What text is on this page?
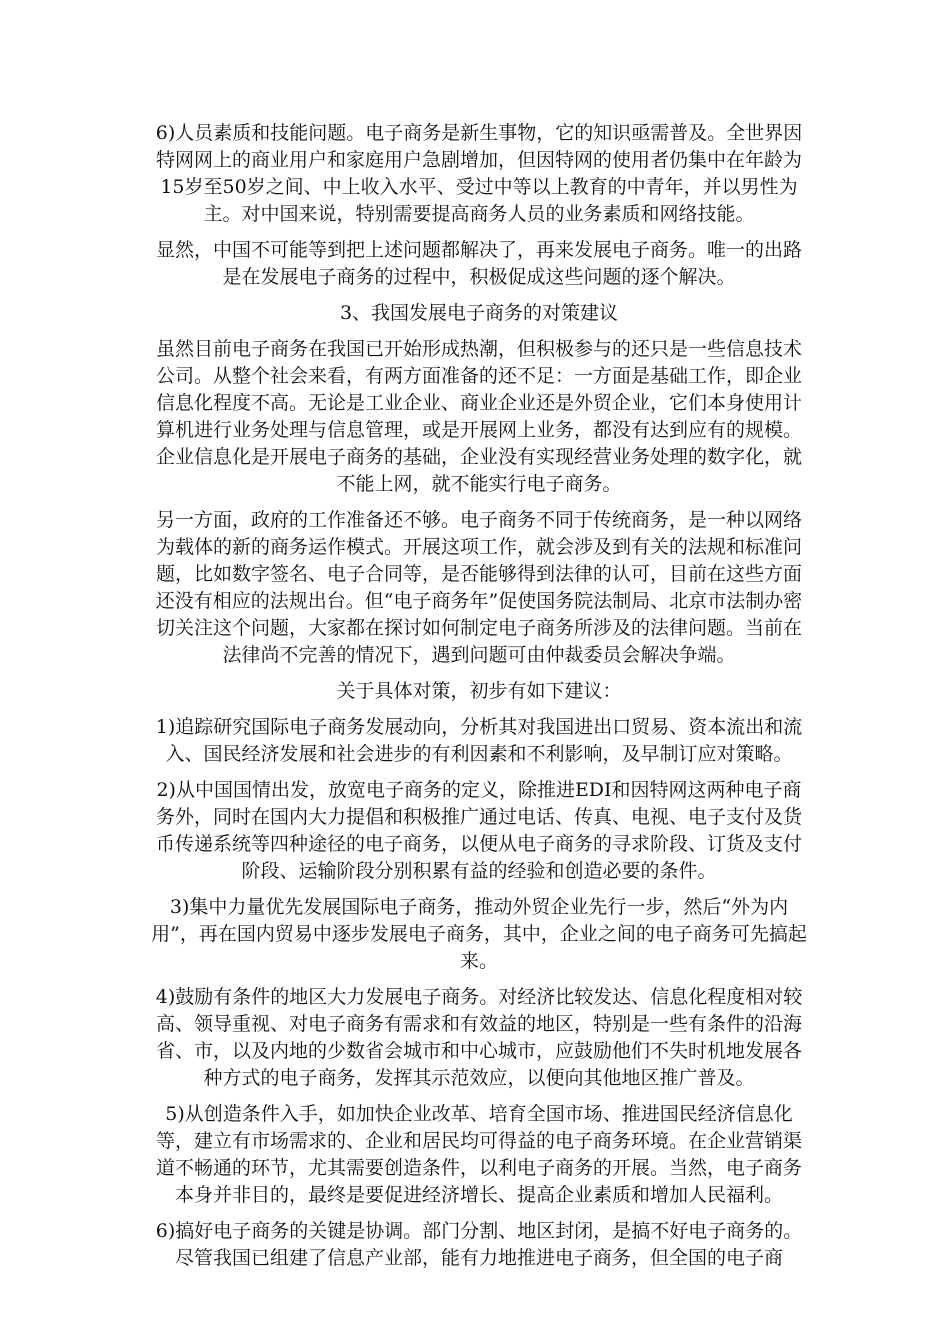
6)人员素质和技能问题。电子商务是新生事物，它的知识亟需普及。全世界因特网网上的商业用户和家庭用户急剧增加，但因特网的使用者仍集中在年龄为15岁至50岁之间、中上收入水平、受过中等以上教育的中青年，并以男性为主。对中国来说，特别需要提高商务人员的业务素质和网络技能。

显然，中国不可能等到把上述问题都解决了，再来发展电子商务。唯一的出路是在发展电子商务的过程中，积极促成这些问题的逐个解决。

3、我国发展电子商务的对策建议

虽然目前电子商务在我国已开始形成热潮，但积极参与的还只是一些信息技术公司。从整个社会来看，有两方面准备的还不足：一方面是基础工作，即企业信息化程度不高。无论是工业企业、商业企业还是外贸企业，它们本身使用计算机进行业务处理与信息管理，或是开展网上业务，都没有达到应有的规模。企业信息化是开展电子商务的基础，企业没有实现经营业务处理的数字化，就不能上网，就不能实行电子商务。

另一方面，政府的工作准备还不够。电子商务不同于传统商务，是一种以网络为载体的新的商务运作模式。开展这项工作，就会涉及到有关的法规和标准问题，比如数字签名、电子合同等，是否能够得到法律的认可，目前在这些方面还没有相应的法规出台。但“电子商务年”促使国务院法制局、北京市法制办密切关注这个问题，大家都在探讨如何制定电子商务所涉及的法律问题。当前在法律尚不完善的情况下，遇到问题可由仲裁委员会解决争端。

关于具体对策，初步有如下建议：

1)追踪研究国际电子商务发展动向，分析其对我国进出口贸易、资本流出和流入、国民经济发展和社会进步的有利因素和不利影响，及早制订应对策略。

2)从中国国情出发，放宽电子商务的定义，除推进EDI和因特网这两种电子商务外，同时在国内大力提倡和积极推广通过电话、传真、电视、电子支付及货币传递系统等四种途径的电子商务，以便从电子商务的寻求阶段、订货及支付阶段、运输阶段分别积累有益的经验和创造必要的条件。

3)集中力量优先发展国际电子商务，推动外贸企业先行一步，然后“外为内用”，再在国内贸易中逐步发展电子商务，其中，企业之间的电子商务可先搞起来。

4)鼓励有条件的地区大力发展电子商务。对经济比较发达、信息化程度相对较高、领导重视、对电子商务有需求和有效益的地区，特别是一些有条件的沿海省、市，以及内地的少数省会城市和中心城市，应鼓励他们不失时机地发展各种方式的电子商务，发挥其示范效应，以便向其他地区推广普及。

5)从创造条件入手，如加快企业改革、培育全国市场、推进国民经济信息化等，建立有市场需求的、企业和居民均可得益的电子商务环境。在企业营销渠道不畅通的环节，尤其需要创造条件，以利电子商务的开展。当然，电子商务本身并非目的，最终是要促进经济增长、提高企业素质和增加人民福利。

6)搞好电子商务的关键是协调。部门分割、地区封闭，是搞不好电子商务的。尽管我国已组建了信息产业部，能有力地推进电子商务，但全国的电子商
